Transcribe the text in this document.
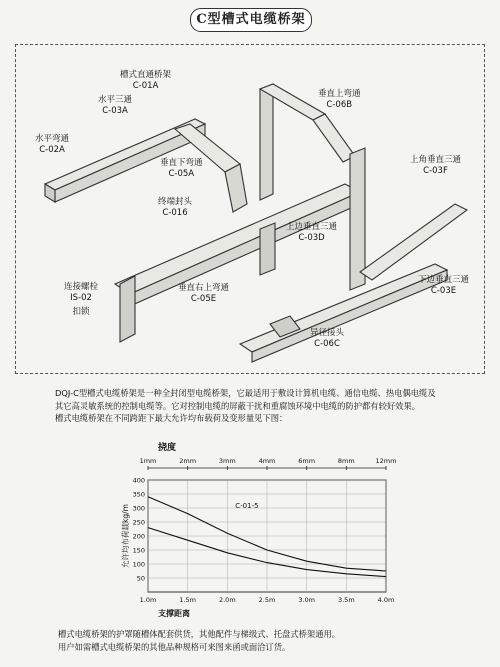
C型槽式电缆桥架
槽式直通桥架
C-01A
水平三通
C-03A
水平弯通
C-02A
垂直下弯通
C-05A
终端封头
C-016
连接螺栓
IS-02
扣锁
垂直右上弯通
C-05E
垂直上弯通
C-06B
上角垂直三通
C-03F
上边垂直三通
C-03D
下边垂直三通
C-03E
异径接头
C-06C
DQJ-C型槽式电缆桥架是一种全封闭型电缆桥架，它最适用于敷设计算机电缆、通信电缆、热电偶电缆及
其它高灵敏系统的控制电缆等。它对控制电缆的屏蔽干扰和重腐蚀环境中电缆的防护都有较好效果。
槽式电缆桥架在不同跨距下最大允许均布载荷及变形量见下图：
挠度
1mm	2mm	3mm	4mm	6mm	8mm	12mm
400
350
300
250
200
150
100
50
1.0m	1.5m	2.0m	2.5m	3.0m	3.5m	4.0m
C-01-5
支撑距离
允许均布荷载kg/m
槽式电缆桥架的护罩随槽体配套供货，其他配件与梯级式、托盘式桥架通用。
用户如需槽式电缆桥架的其他品种规格可来图来函或面洽订货。
